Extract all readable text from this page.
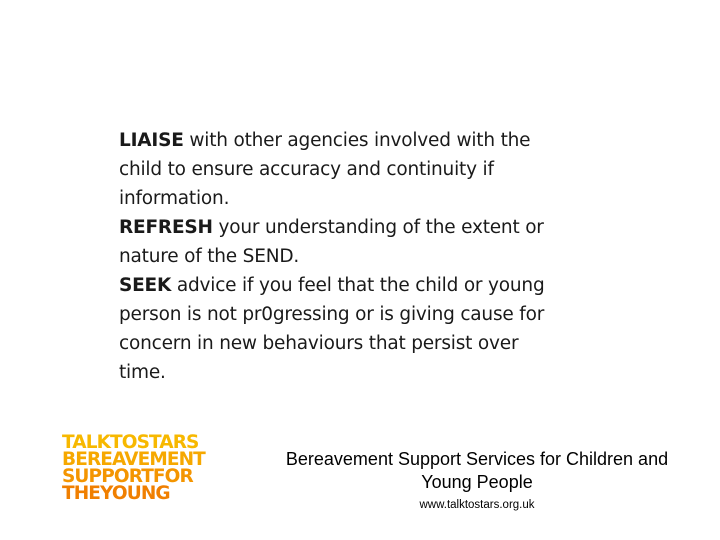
LIAISE with other agencies involved with the child to ensure accuracy and continuity if information.

REFRESH your understanding of the extent or nature of the SEND.

SEEK advice if you feel that the child or young person is not pr0gressing or is giving cause for concern in new behaviours that persist over time.

TALKTOSTARS
BEREAVEMENT
SUPPORTFOR
THEYOUNG
Bereavement Support Services for Children and
Young People
www.talktostars.org.uk
